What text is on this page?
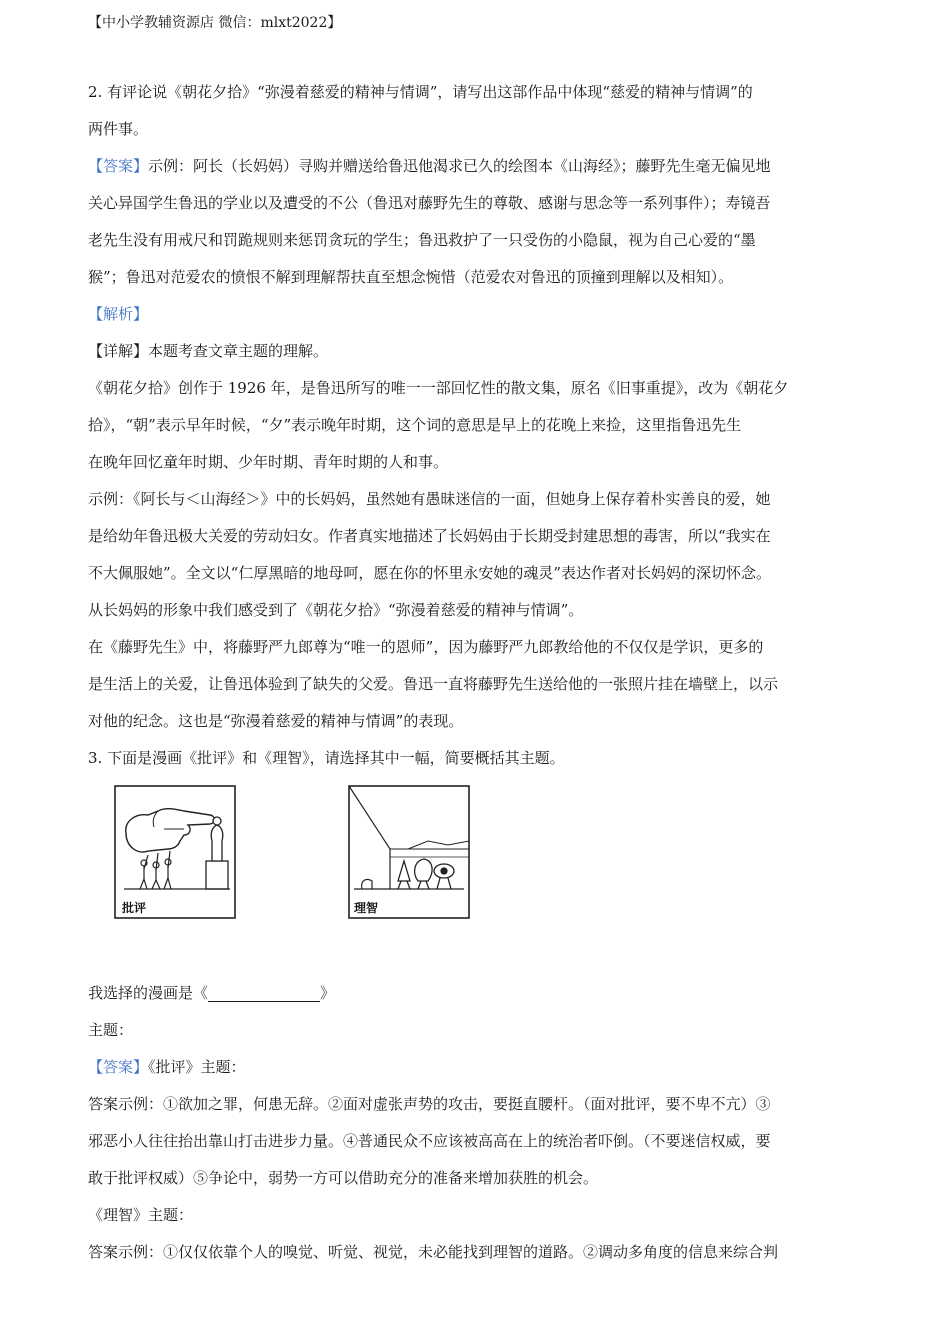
【中小学教辅资源店 微信：mlxt2022】

2. 有评论说《朝花夕拾》“弥漫着慈爱的精神与情调”，请写出这部作品中体现“慈爱的精神与情调”的

两件事。

【答案】示例：阿长（长妈妈）寻购并赠送给鲁迅他渴求已久的绘图本《山海经》；藤野先生毫无偏见地

关心异国学生鲁迅的学业以及遭受的不公（鲁迅对藤野先生的尊敬、感谢与思念等一系列事件）；寿镜吾

老先生没有用戒尺和罚跪规则来惩罚贪玩的学生；鲁迅救护了一只受伤的小隐鼠，视为自己心爱的“墨

猴”；鲁迅对范爱农的愤恨不解到理解帮扶直至想念惋惜（范爱农对鲁迅的顶撞到理解以及相知）。

【解析】

【详解】本题考查文章主题的理解。

《朝花夕拾》创作于 1926 年，是鲁迅所写的唯一一部回忆性的散文集，原名《旧事重提》，改为《朝花夕

拾》，“朝”表示早年时候，“夕”表示晚年时期，这个词的意思是早上的花晚上来捡，这里指鲁迅先生

在晚年回忆童年时期、少年时期、青年时期的人和事。

示例：《阿长与＜山海经＞》中的长妈妈，虽然她有愚昧迷信的一面，但她身上保存着朴实善良的爱，她

是给幼年鲁迅极大关爱的劳动妇女。作者真实地描述了长妈妈由于长期受封建思想的毒害，所以“我实在

不大佩服她”。全文以“仁厚黑暗的地母呵，愿在你的怀里永安她的魂灵”表达作者对长妈妈的深切怀念。

从长妈妈的形象中我们感受到了《朝花夕拾》“弥漫着慈爱的精神与情调”。

在《藤野先生》中，将藤野严九郎尊为“唯一的恩师”，因为藤野严九郎教给他的不仅仅是学识，更多的

是生活上的关爱，让鲁迅体验到了缺失的父爱。鲁迅一直将藤野先生送给他的一张照片挂在墙壁上，以示

对他的纪念。这也是“弥漫着慈爱的精神与情调”的表现。

3. 下面是漫画《批评》和《理智》，请选择其中一幅，简要概括其主题。

批评	理智

我选择的漫画是《	》

主题：

【答案】《批评》主题：

答案示例：①欲加之罪，何患无辞。②面对虚张声势的攻击，要挺直腰杆。（面对批评，要不卑不亢）③

邪恶小人往往抬出靠山打击进步力量。④普通民众不应该被高高在上的统治者吓倒。（不要迷信权威，要

敢于批评权威）⑤争论中，弱势一方可以借助充分的准备来增加获胜的机会。

《理智》主题：

答案示例：①仅仅依靠个人的嗅觉、听觉、视觉，未必能找到理智的道路。②调动多角度的信息来综合判
